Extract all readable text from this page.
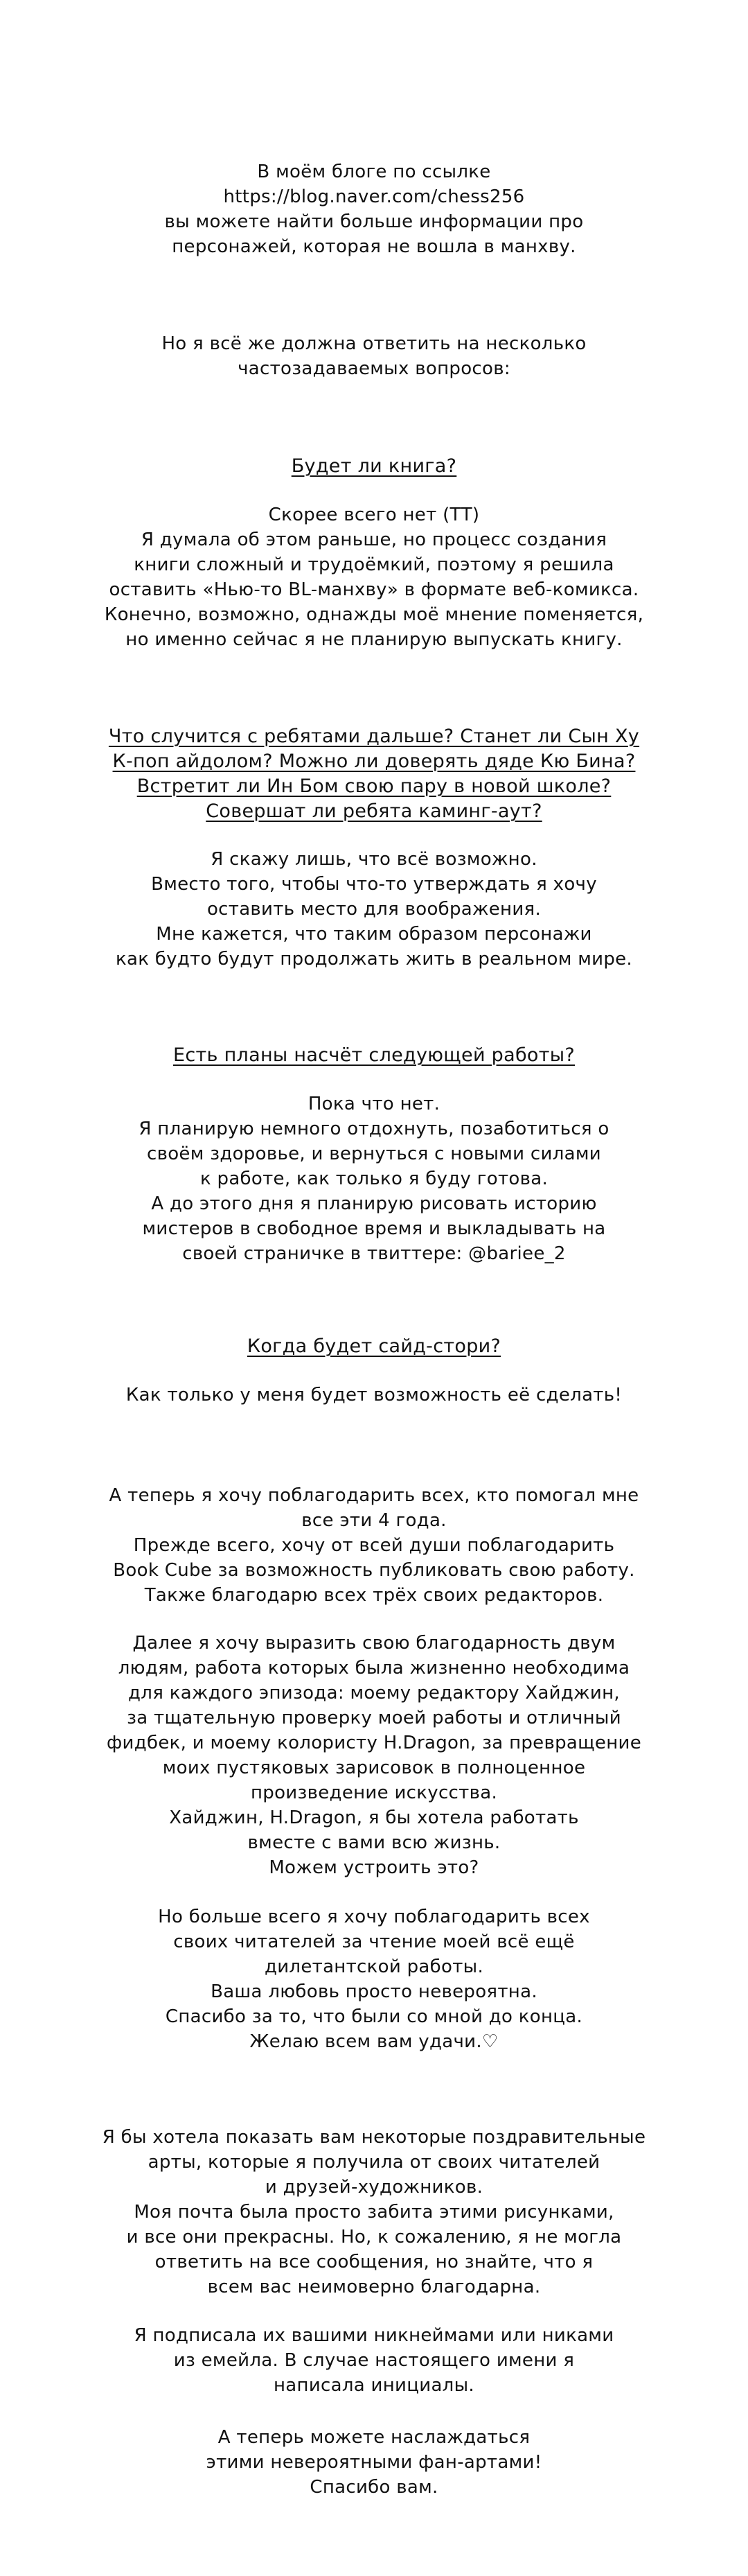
В моём блоге по ссылке

https://blog.naver.com/chess256

вы можете найти больше информации про

персонажей, которая не вошла в манхву.

Но я всё же должна ответить на несколько

частозадаваемых вопросов:

Будет ли книга?

Скорее всего нет (ТТ)

Я думала об этом раньше, но процесс создания

книги сложный и трудоёмкий, поэтому я решила

оставить «Нью-то BL-манхву» в формате веб-комикса.

Конечно, возможно, однажды моё мнение поменяется,

но именно сейчас я не планирую выпускать книгу.

Что случится с ребятами дальше? Станет ли Сын Ху

К-поп айдолом? Можно ли доверять дяде Кю Бина?

Встретит ли Ин Бом свою пару в новой школе?

Совершат ли ребята каминг-аут?

Я скажу лишь, что всё возможно.

Вместо того, чтобы что-то утверждать я хочу

оставить место для воображения.

Мне кажется, что таким образом персонажи

как будто будут продолжать жить в реальном мире.

Есть планы насчёт следующей работы?

Пока что нет.

Я планирую немного отдохнуть, позаботиться о

своём здоровье, и вернуться с новыми силами

к работе, как только я буду готова.

А до этого дня я планирую рисовать историю

мистеров в свободное время и выкладывать на

своей страничке в твиттере: @bariee_2

Когда будет сайд-стори?

Как только у меня будет возможность её сделать!

А теперь я хочу поблагодарить всех, кто помогал мне

все эти 4 года.

Прежде всего, хочу от всей души поблагодарить

Book Cube за возможность публиковать свою работу.

Также благодарю всех трёх своих редакторов.

Далее я хочу выразить свою благодарность двум

людям, работа которых была жизненно необходима

для каждого эпизода: моему редактору Хайджин,

за тщательную проверку моей работы и отличный

фидбек, и моему колористу H.Dragon, за превращение

моих пустяковых зарисовок в полноценное

произведение искусства.

Хайджин, H.Dragon, я бы хотела работать

вместе с вами всю жизнь.

Можем устроить это?

Но больше всего я хочу поблагодарить всех

своих читателей за чтение моей всё ещё

дилетантской работы.

Ваша любовь просто невероятна.

Спасибо за то, что были со мной до конца.

Желаю всем вам удачи.♡

Я бы хотела показать вам некоторые поздравительные

арты, которые я получила от своих читателей

и друзей-художников.

Моя почта была просто забита этими рисунками,

и все они прекрасны. Но, к сожалению, я не могла

ответить на все сообщения, но знайте, что я

всем вас неимоверно благодарна.

Я подписала их вашими никнеймами или никами

из емейла. В случае настоящего имени я

написала инициалы.

А теперь можете наслаждаться

этими невероятными фан-артами!

Спасибо вам.
